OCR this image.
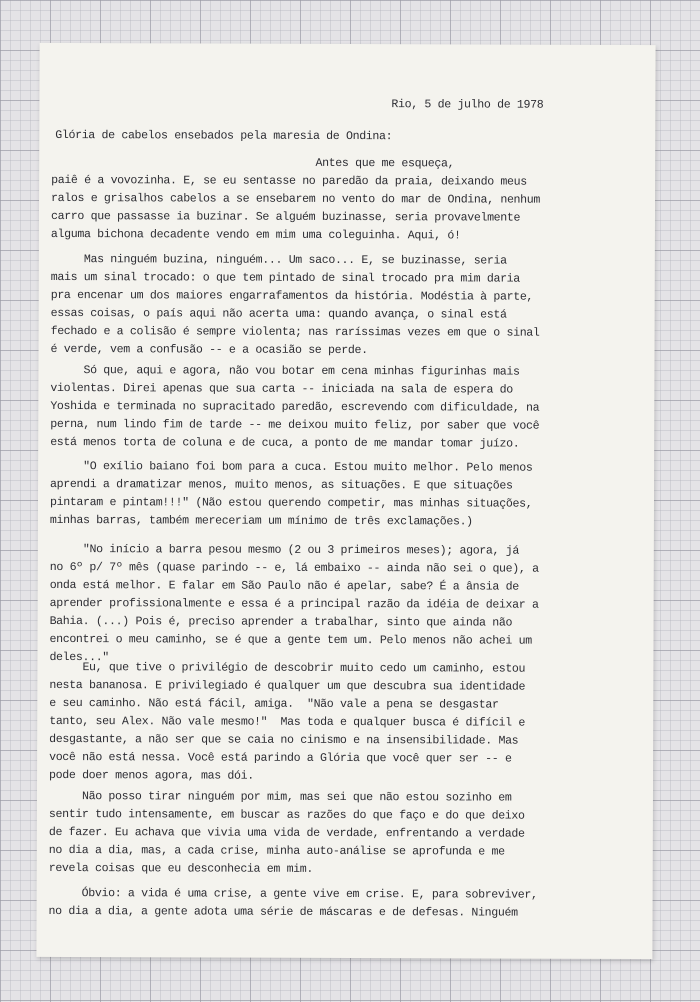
Rio, 5 de julho de 1978
Glória de cabelos ensebados pela maresia de Ondina:
Antes que me esqueça,
paiê é a vovozinha. E, se eu sentasse no paredão da praia, deixando meus
ralos e grisalhos cabelos a se ensebarem no vento do mar de Ondina, nenhum
carro que passasse ia buzinar. Se alguém buzinasse, seria provavelmente
alguma bichona decadente vendo em mim uma coleguinha. Aqui, ó!
Mas ninguém buzina, ninguém... Um saco... E, se buzinasse, seria
mais um sinal trocado: o que tem pintado de sinal trocado pra mim daria
pra encenar um dos maiores engarrafamentos da história. Modéstia à parte,
essas coisas, o país aqui não acerta uma: quando avança, o sinal está
fechado e a colisão é sempre violenta; nas raríssimas vezes em que o sinal
é verde, vem a confusão -- e a ocasião se perde.
Só que, aqui e agora, não vou botar em cena minhas figurinhas mais
violentas. Direi apenas que sua carta -- iniciada na sala de espera do
Yoshida e terminada no supracitado paredão, escrevendo com dificuldade, na
perna, num lindo fim de tarde -- me deixou muito feliz, por saber que você
está menos torta de coluna e de cuca, a ponto de me mandar tomar juízo.
"O exílio baiano foi bom para a cuca. Estou muito melhor. Pelo menos
aprendi a dramatizar menos, muito menos, as situações. E que situações
pintaram e pintam!!!" (Não estou querendo competir, mas minhas situações,
minhas barras, também mereceriam um mínimo de três exclamações.)
"No início a barra pesou mesmo (2 ou 3 primeiros meses); agora, já
no 6º p/ 7º mês (quase parindo -- e, lá embaixo -- ainda não sei o que), a
onda está melhor. E falar em São Paulo não é apelar, sabe? É a ânsia de
aprender profissionalmente e essa é a principal razão da idéia de deixar a
Bahia. (...) Pois é, preciso aprender a trabalhar, sinto que ainda não
encontrei o meu caminho, se é que a gente tem um. Pelo menos não achei um
deles..."
Eu, que tive o privilégio de descobrir muito cedo um caminho, estou
nesta bananosa. E privilegiado é qualquer um que descubra sua identidade
e seu caminho. Não está fácil, amiga.  "Não vale a pena se desgastar
tanto, seu Alex. Não vale mesmo!"  Mas toda e qualquer busca é difícil e
desgastante, a não ser que se caia no cinismo e na insensibilidade. Mas
você não está nessa. Você está parindo a Glória que você quer ser -- e
pode doer menos agora, mas dói.
Não posso tirar ninguém por mim, mas sei que não estou sozinho em
sentir tudo intensamente, em buscar as razões do que faço e do que deixo
de fazer. Eu achava que vivia uma vida de verdade, enfrentando a verdade
no dia a dia, mas, a cada crise, minha auto-análise se aprofunda e me
revela coisas que eu desconhecia em mim.
Óbvio: a vida é uma crise, a gente vive em crise. E, para sobreviver,
no dia a dia, a gente adota uma série de máscaras e de defesas. Ninguém
